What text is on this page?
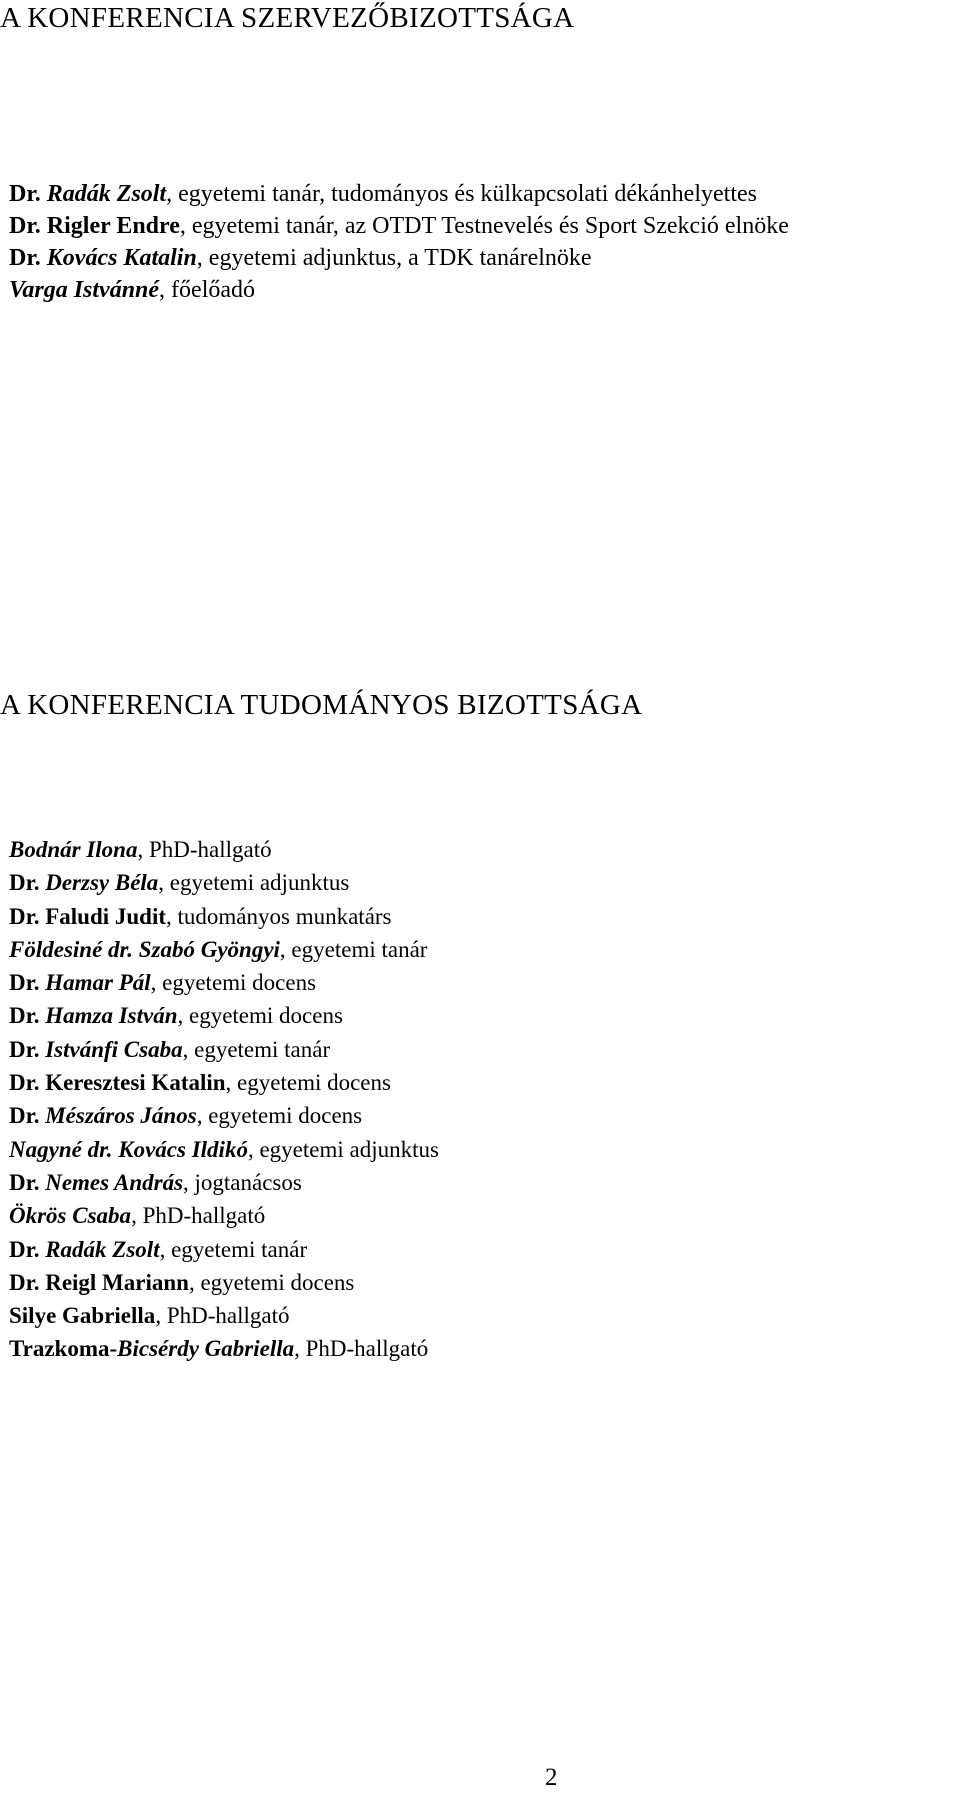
A KONFERENCIA SZERVEZŐBIZOTTSÁGA
Dr. Radák Zsolt, egyetemi tanár, tudományos és külkapcsolati dékánhelyettes
Dr. Rigler Endre, egyetemi tanár, az OTDT Testnevelés és Sport Szekció elnöke
Dr. Kovács Katalin, egyetemi adjunktus, a TDK tanárelnöke
Varga Istvánné, főelőadó
A KONFERENCIA TUDOMÁNYOS BIZOTTSÁGA
Bodnár Ilona, PhD-hallgató
Dr. Derzsy Béla, egyetemi adjunktus
Dr. Faludi Judit, tudományos munkatárs
Földesiné dr. Szabó Gyöngyi, egyetemi tanár
Dr. Hamar Pál, egyetemi docens
Dr. Hamza István, egyetemi docens
Dr. Istvánfi Csaba, egyetemi tanár
Dr. Keresztesi Katalin, egyetemi docens
Dr. Mészáros János, egyetemi docens
Nagyné dr. Kovács Ildikó, egyetemi adjunktus
Dr. Nemes András, jogtanácsos
Ökrös Csaba, PhD-hallgató
Dr. Radák Zsolt, egyetemi tanár
Dr. Reigl Mariann, egyetemi docens
Silye Gabriella, PhD-hallgató
Trazkoma-Bicsérdy Gabriella, PhD-hallgató
2
